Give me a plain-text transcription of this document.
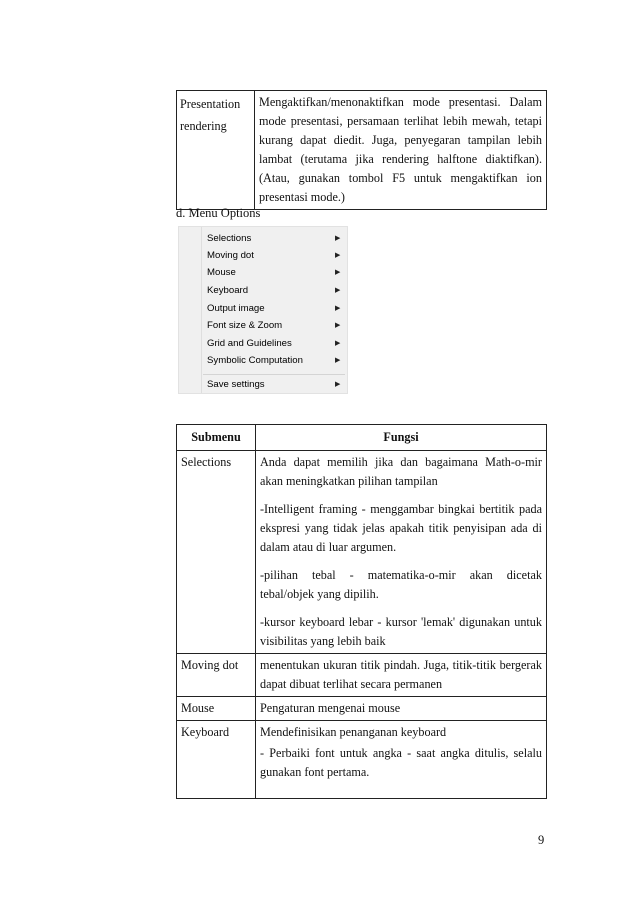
Presentation
rendering
	Mengaktifkan/menonaktifkan mode presentasi. Dalam mode presentasi, persamaan terlihat lebih mewah, tetapi kurang dapat diedit. Juga, penyegaran tampilan lebih lambat (terutama jika rendering halftone diaktifkan). (Atau, gunakan tombol F5 untuk mengaktifkan ion presentasi mode.)
d. Menu Options
Selections	▶
Moving dot	▶
Mouse	▶
Keyboard	▶
Output image	▶
Font size & Zoom	▶
Grid and Guidelines	▶
Symbolic Computation	▶
Save settings	▶
Submenu	Fungsi
Selections	Anda dapat memilih jika dan bagaimana Math-o-mir akan meningkatkan pilihan tampilan

-Intelligent framing - menggambar bingkai bertitik pada ekspresi yang tidak jelas apakah titik penyisipan ada di dalam atau di luar argumen.

-pilihan tebal - matematika-o-mir akan dicetak tebal/objek yang dipilih.

-kursor keyboard lebar - kursor 'lemak' digunakan untuk visibilitas yang lebih baik

Moving dot	menentukan ukuran titik pindah. Juga, titik-titik bergerak dapat dibuat terlihat secara permanen

Mouse	Pengaturan mengenai mouse

Keyboard	Mendefinisikan penanganan keyboard

- Perbaiki font untuk angka - saat angka ditulis, selalu gunakan font pertama.

9
